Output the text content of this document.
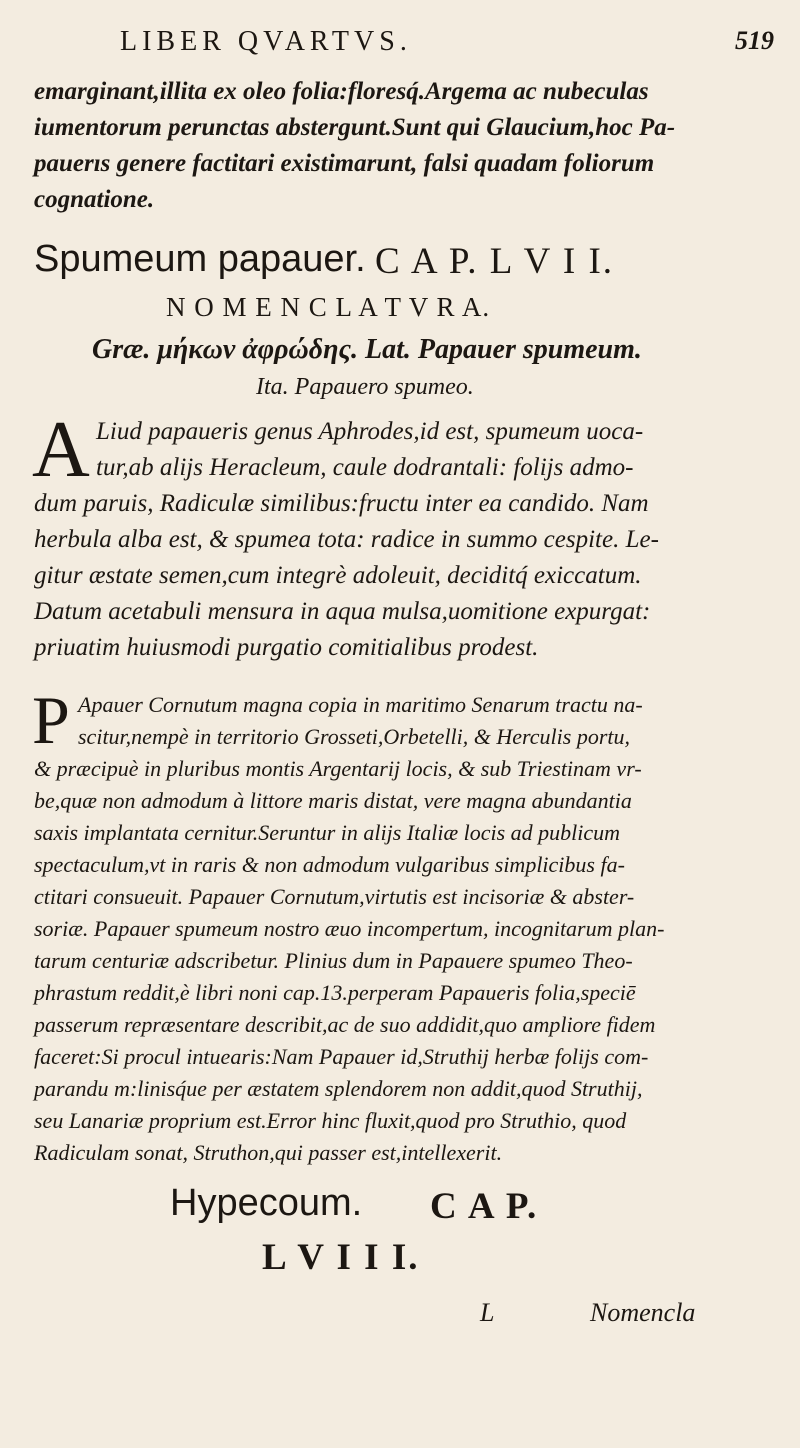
LIBER QVARTVS.	519
emarginant,illita ex oleo folia:floresq́.Argema ac nubeculas
iumentorum perunctas abstergunt.Sunt qui Glaucium,hoc Pa-
pauerıs genere factitari existimarunt, falsi quadam foliorum
cognatione.
Spumeum papauer. C A P. L V I I.
N O M E N C L A T V R A.
Græ. μήκων ἀφρώδης. Lat. Papauer spumeum.
Ita. Papauero spumeo.
A Liud papaueris genus Aphrodes,id est, spumeum uoca-
tur,ab alijs Heracleum, caule dodrantali: folijs admo-
dum paruis, Radiculæ similibus:fructu inter ea candido. Nam
herbula alba est, & spumea tota: radice in summo cespite. Le-
gitur æstate semen,cum integrè adoleuit, deciditq́ exiccatum.
Datum acetabuli mensura in aqua mulsa,uomitione expurgat:
priuatim huiusmodi purgatio comitialibus prodest.
P Apauer Cornutum magna copia in maritimo Senarum tractu na-
scitur,nempè in territorio Grosseti,Orbetelli, & Herculis portu,
& præcipuè in pluribus montis Argentarij locis, & sub Triestinam vr-
be,quæ non admodum à littore maris distat, vere magna abundantia
saxis implantata cernitur.Seruntur in alijs Italiæ locis ad publicum
spectaculum,vt in raris & non admodum vulgaribus simplicibus fa-
ctitari consueuit. Papauer Cornutum,virtutis est incisoriæ & abster-
soriæ. Papauer spumeum nostro æuo incompertum, incognitarum plan-
tarum centuriæ adscribetur. Plinius dum in Papauere spumeo Theo-
phrastum reddit,è libri noni cap.13.perperam Papaueris folia,speciē
passerum repræsentare describit,ac de suo addidit,quo ampliore fidem
faceret:Si procul intuearis:Nam Papauer id,Struthij herbæ folijs com-
parandu m:linisq́ue per æstatem splendorem non addit,quod Struthij,
seu Lanariæ proprium est.Error hinc fluxit,quod pro Struthio, quod
Radiculam sonat, Struthon,qui passer est,intellexerit.
Hypecoum. C A P.
L V I I I.
L	Nomencla
